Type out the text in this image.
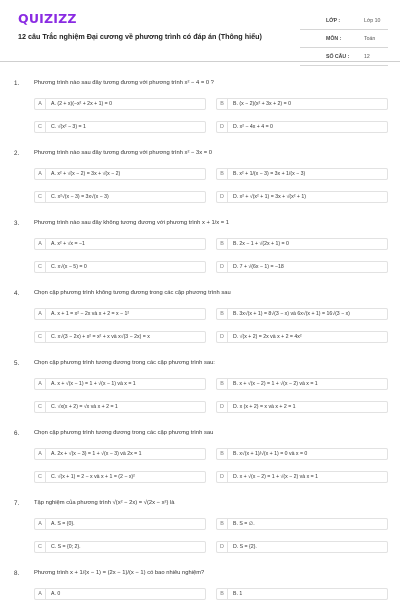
QUIZIZZ
12 câu Trắc nghiệm Đại cương về phương trình có đáp án (Thông hiểu)
LỚP :	Lớp 10
MÔN :	Toán
SỐ CÂU :	12
1.	Phương trình nào sau đây tương đương với phương trình x² − 4 = 0 ?
A	A. (2 + x)(−x² + 2x + 1) = 0	B	B. (x − 2)(x² + 3x + 2) = 0
C	C. √(x² − 3) = 1	D	D. x² − 4x + 4 = 0
2.	Phương trình nào sau đây tương đương với phương trình x² − 3x = 0
A	A. x² + √(x − 2) = 3x + √(x − 2)	B	B. x² + 1/(x − 3) = 3x + 1/(x − 3)
C	C. x²√(x − 3) = 3x√(x − 3)	D	D. x² + √(x² + 1) = 3x + √(x² + 1)
3.	Phương trình nào sau đây không tương đương với phương trình x + 1/x = 1
A	A. x² + √x = −1	B	B. 2x − 1 + √(2x + 1) = 0
C	C. x√(x − 5) = 0	D	D. 7 + √(6x − 1) = −18
4.	Chọn cặp phương trình không tương đương trong các cặp phương trình sau
A	A. x + 1 = x² − 2x và x + 2 = x − 1²	B	B. 3x√(x + 1) = 8√(3 − x) và 6x√(x + 1) = 16√(3 − x)
C	C. x√(3 − 2x) + x² = x² + x và x√(3 − 2x) = x	D	D. √(x + 2) = 2x và x + 2 = 4x²
5.	Chọn cặp phương trình tương đương trong các cặp phương trình sau:
A	A. x + √(x − 1) = 1 + √(x − 1) và x = 1	B	B. x + √(x − 2) = 1 + √(x − 2) và x = 1
C	C. √x(x + 2) = √x và x + 2 = 1	D	D. x (x + 2) = x và x + 2 = 1
6.	Chọn cặp phương trình tương đương trong các cặp phương trình sau
A	A. 2x + √(x − 3) = 1 + √(x − 3) và 2x = 1	B	B. x√(x + 1)/√(x + 1) = 0 và x = 0
C	C. √(x + 1) = 2 − x và x + 1 = (2 − x)²	D	D. x + √(x − 2) = 1 + √(x − 2) và x = 1
7.	Tập nghiệm của phương trình √(x² − 2x) = √(2x − x²) là
A	A. S = {0}.	B	B. S = ∅.
C	C. S = {0; 2}.	D	D. S = {2}.
8.	Phương trình x + 1/(x − 1) = (2x − 1)/(x − 1) có bao nhiêu nghiệm?
A	A. 0	B	B. 1
